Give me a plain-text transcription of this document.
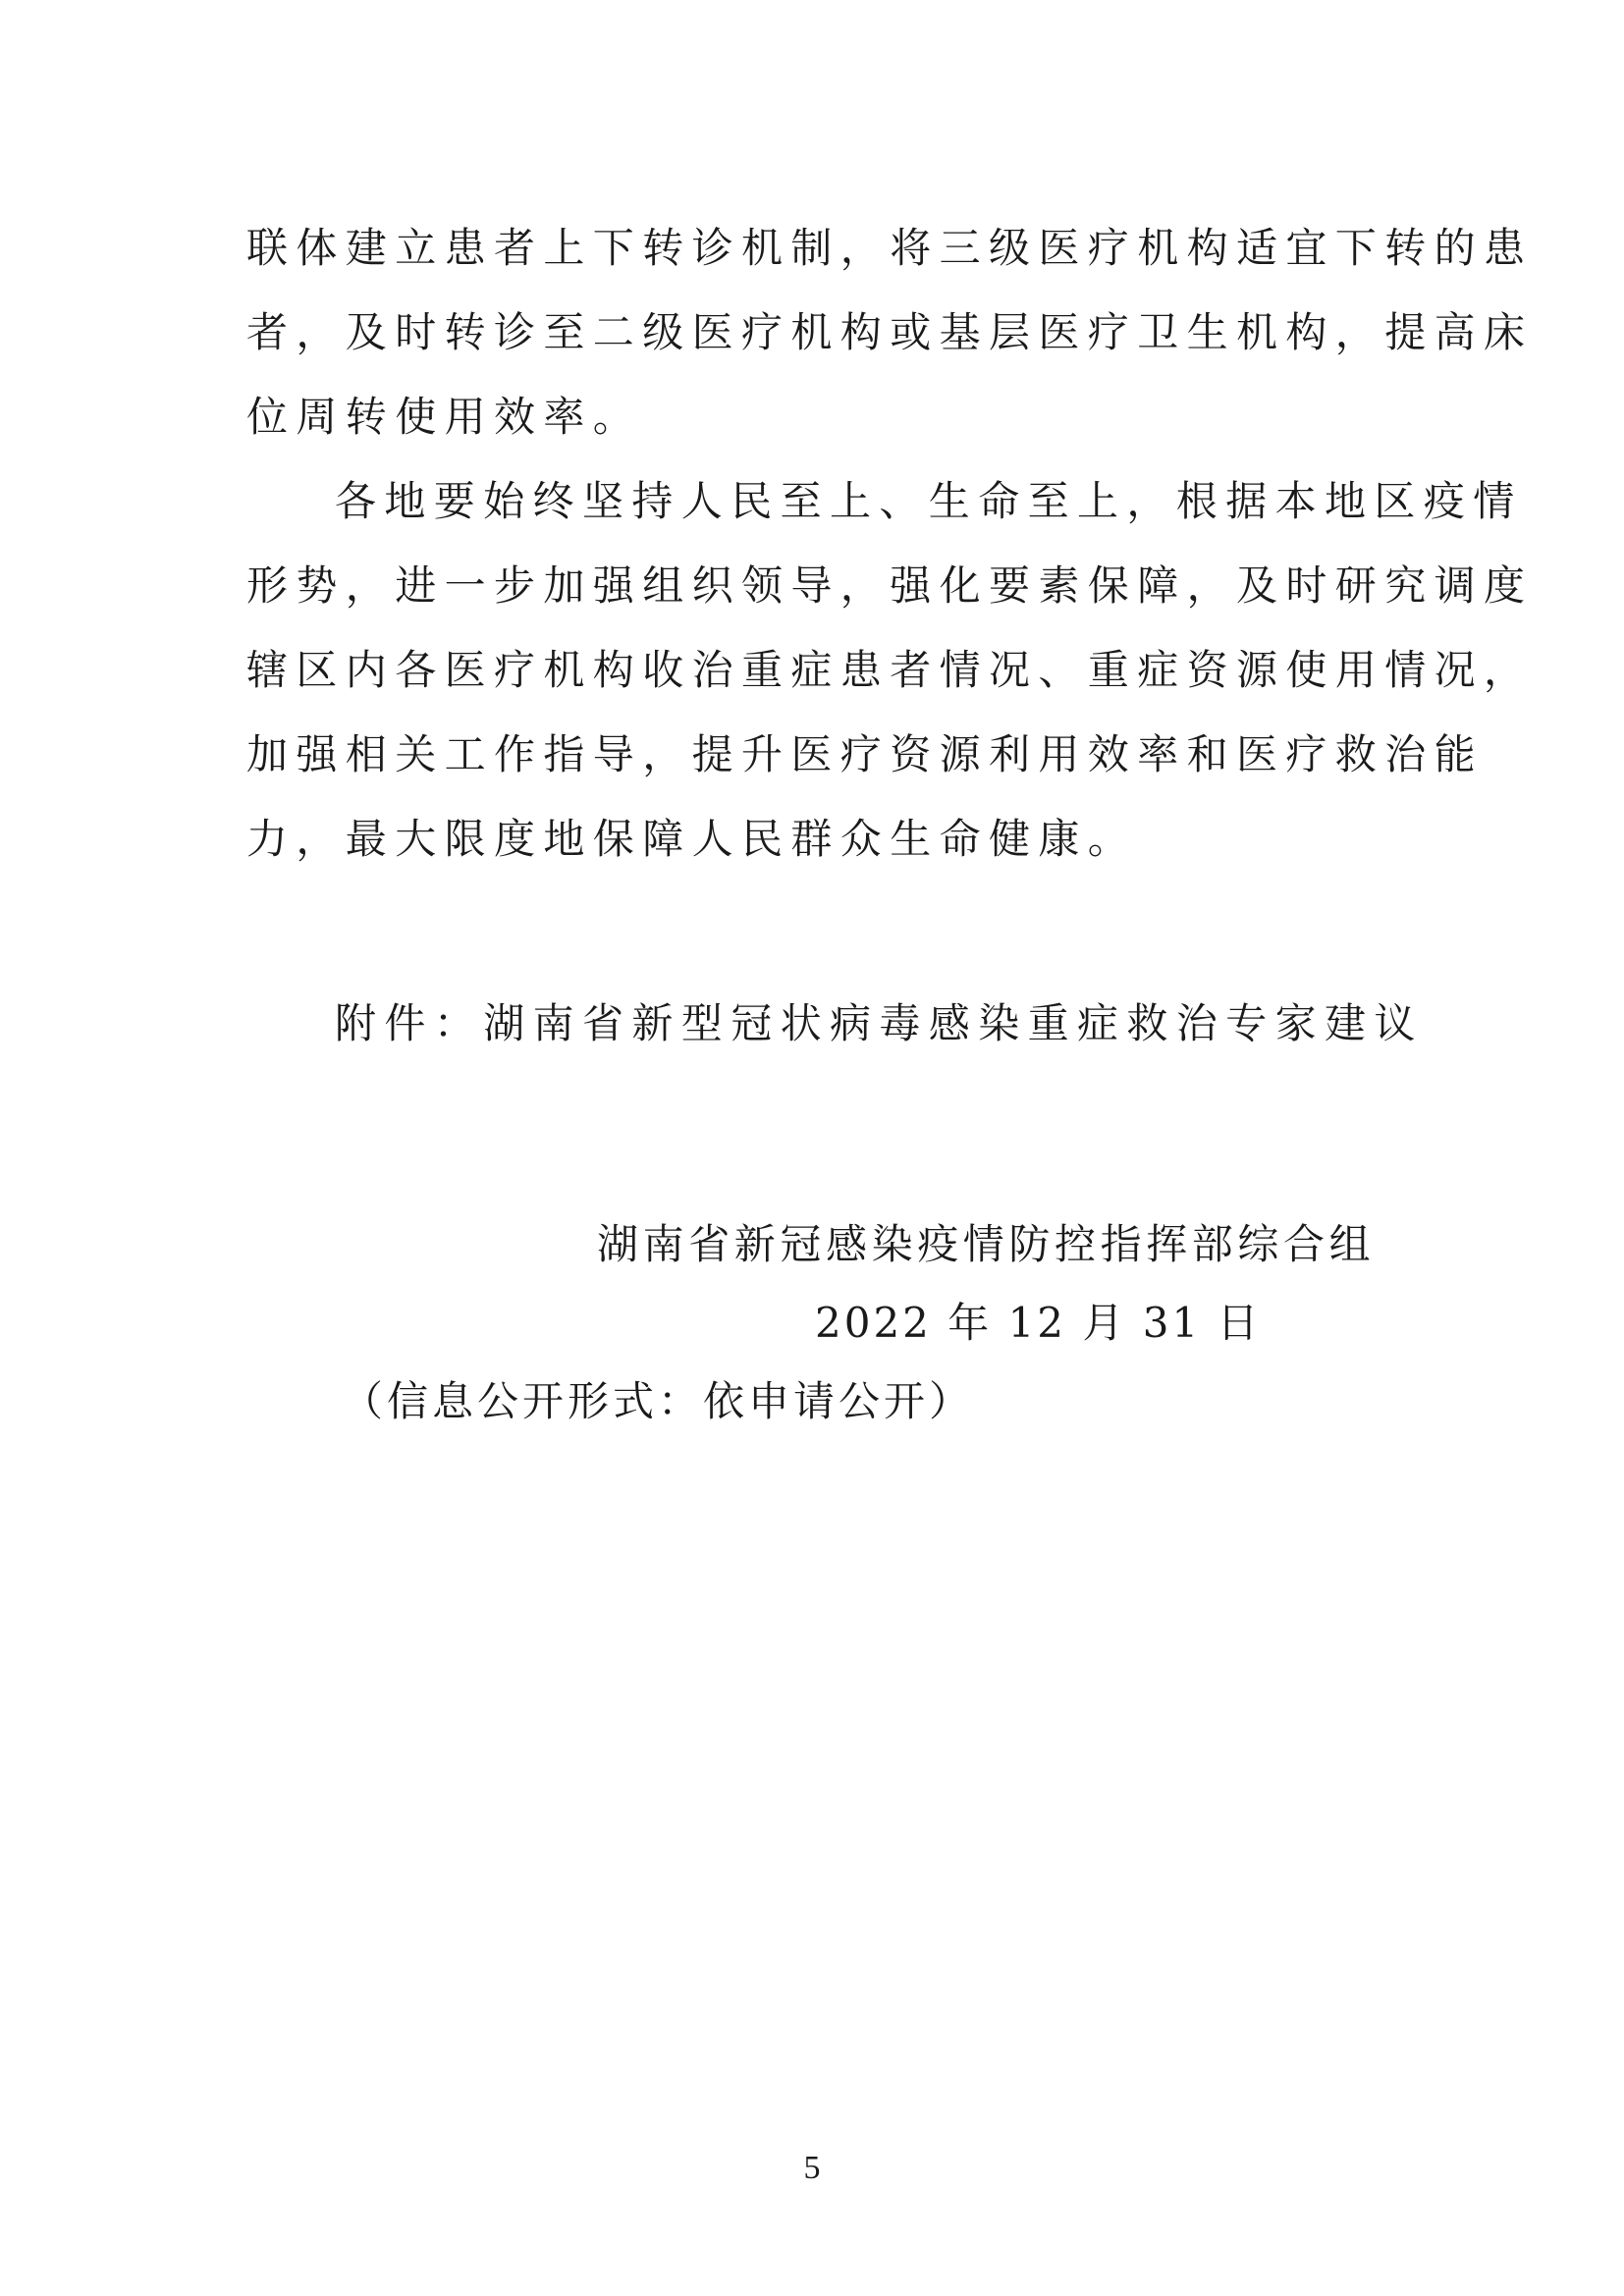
联体建立患者上下转诊机制，将三级医疗机构适宜下转的患
者，及时转诊至二级医疗机构或基层医疗卫生机构，提高床
位周转使用效率。
各地要始终坚持人民至上、生命至上，根据本地区疫情
形势，进一步加强组织领导，强化要素保障，及时研究调度
辖区内各医疗机构收治重症患者情况、重症资源使用情况，
加强相关工作指导，提升医疗资源利用效率和医疗救治能
力，最大限度地保障人民群众生命健康。
附件：湖南省新型冠状病毒感染重症救治专家建议
湖南省新冠感染疫情防控指挥部综合组
2022 年 12 月 31 日
（信息公开形式：依申请公开）
5
